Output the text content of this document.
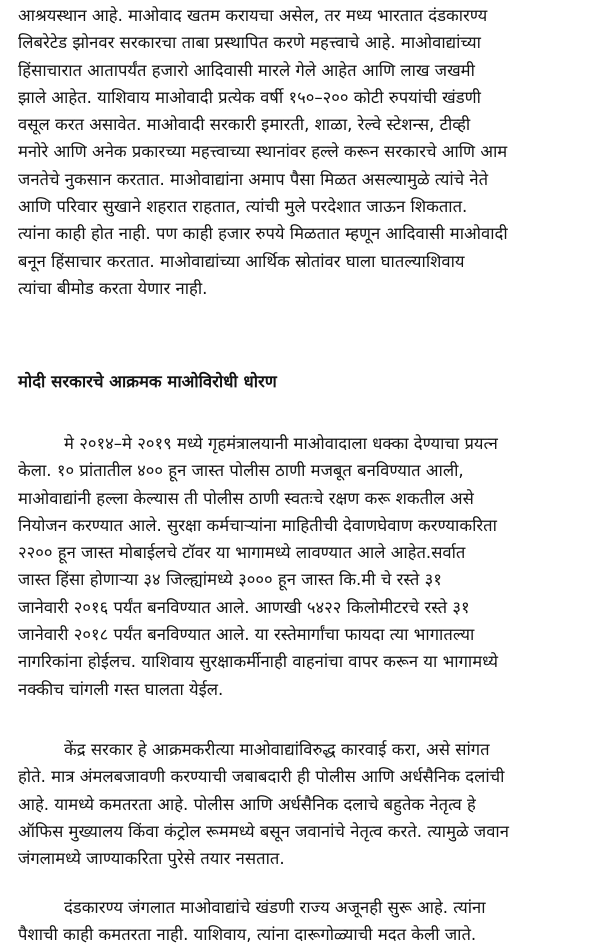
आश्रयस्थान आहे. माओवाद खतम करायचा असेल, तर मध्य भारतात दंडकारण्य
लिबरेटेड झोनवर सरकारचा ताबा प्रस्थापित करणे महत्त्वाचे आहे. माओवाद्यांच्या
हिंसाचारात आतापर्यंत हजारो आदिवासी मारले गेले आहेत आणि लाख जखमी
झाले आहेत. याशिवाय माओवादी प्रत्येक वर्षी १५०–२०० कोटी रुपयांची खंडणी
वसूल करत असावेत. माओवादी सरकारी इमारती, शाळा, रेल्वे स्टेशन्स, टीव्ही
मनोरे आणि अनेक प्रकारच्या महत्त्वाच्या स्थानांवर हल्ले करून सरकारचे आणि आम
जनतेचे नुकसान करतात. माओवाद्यांना अमाप पैसा मिळत असल्यामुळे त्यांचे नेते
आणि परिवार सुखाने शहरात राहतात, त्यांची मुले परदेशात जाऊन शिकतात.
त्यांना काही होत नाही. पण काही हजार रुपये मिळतात म्हणून आदिवासी माओवादी
बनून हिंसाचार करतात. माओवाद्यांच्या आर्थिक स्रोतांवर घाला घातल्याशिवाय
त्यांचा बीमोड करता येणार नाही.
मोदी सरकारचे आक्रमक माओविरोधी धोरण
मे २०१४–मे २०१९ मध्ये गृहमंत्रालयानी माओवादाला धक्का देण्याचा प्रयत्न
केला. १० प्रांतातील ४०० हून जास्त पोलीस ठाणी मजबूत बनविण्यात आली,
माओवाद्यांनी हल्ला केल्यास ती पोलीस ठाणी स्वतःचे रक्षण करू शकतील असे
नियोजन करण्यात आले. सुरक्षा कर्मचाऱ्यांना माहितीची देवाणघेवाण करण्याकरिता
२२०० हून जास्त मोबाईलचे टॉवर या भागामध्ये लावण्यात आले आहेत.सर्वात
जास्त हिंसा होणाऱ्या ३४ जिल्ह्यांमध्ये ३००० हून जास्त कि.मी चे रस्ते ३१
जानेवारी २०१६ पर्यंत बनविण्यात आले. आणखी ५४२२ किलोमीटरचे रस्ते ३१
जानेवारी २०१८ पर्यंत बनविण्यात आले. या रस्तेमार्गांचा फायदा त्या भागातल्या
नागरिकांना होईलच. याशिवाय सुरक्षाकर्मीनाही वाहनांचा वापर करून या भागामध्ये
नक्कीच चांगली गस्त घालता येईल.
केंद्र सरकार हे आक्रमकरीत्या माओवाद्यांविरुद्ध कारवाई करा, असे सांगत
होते. मात्र अंमलबजावणी करण्याची जबाबदारी ही पोलीस आणि अर्धसैनिक दलांची
आहे. यामध्ये कमतरता आहे. पोलीस आणि अर्धसैनिक दलाचे बहुतेक नेतृत्व हे
ऑफिस मुख्यालय किंवा कंट्रोल रूममध्ये बसून जवानांचे नेतृत्व करते. त्यामुळे जवान
जंगलामध्ये जाण्याकरिता पुरेसे तयार नसतात.
दंडकारण्य जंगलात माओवाद्यांचे खंडणी राज्य अजूनही सुरू आहे. त्यांना
पैशाची काही कमतरता नाही. याशिवाय, त्यांना दारूगोळ्याची मदत केली जाते.
